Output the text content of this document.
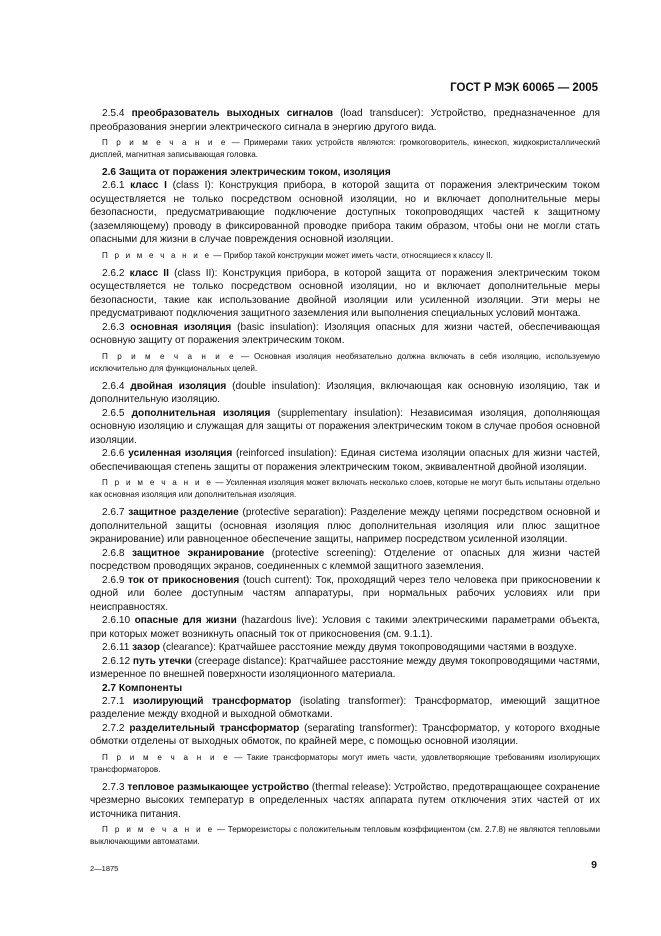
ГОСТ Р МЭК 60065 — 2005
2.5.4 преобразователь выходных сигналов (load transducer): Устройство, предназначенное для преобразования энергии электрического сигнала в энергию другого вида.
П р и м е ч а н и е — Примерами таких устройств являются: громкоговоритель, кинескоп, жидкокристаллический дисплей, магнитная записывающая головка.
2.6 Защита от поражения электрическим током, изоляция
2.6.1 класс I (class I): Конструкция прибора, в которой защита от поражения электрическим током осуществляется не только посредством основной изоляции, но и включает дополнительные меры безопасности, предусматривающие подключение доступных токопроводящих частей к защитному (заземляющему) проводу в фиксированной проводке прибора таким образом, чтобы они не могли стать опасными для жизни в случае повреждения основной изоляции.
П р и м е ч а н и е — Прибор такой конструкции может иметь части, относящиеся к классу II.
2.6.2 класс II (class II): Конструкция прибора, в которой защита от поражения электрическим током осуществляется не только посредством основной изоляции, но и включает дополнительные меры безопасности, такие как использование двойной изоляции или усиленной изоляции. Эти меры не предусматривают подключения защитного заземления или выполнения специальных условий монтажа.
2.6.3 основная изоляция (basic insulation): Изоляция опасных для жизни частей, обеспечивающая основную защиту от поражения электрическим током.
П р и м е ч а н и е — Основная изоляция необязательно должна включать в себя изоляцию, используемую исключительно для функциональных целей.
2.6.4 двойная изоляция (double insulation): Изоляция, включающая как основную изоляцию, так и дополнительную изоляцию.
2.6.5 дополнительная изоляция (supplementary insulation): Независимая изоляция, дополняющая основную изоляцию и служащая для защиты от поражения электрическим током в случае пробоя основной изоляции.
2.6.6 усиленная изоляция (reinforced insulation): Единая система изоляции опасных для жизни частей, обеспечивающая степень защиты от поражения электрическим током, эквивалентной двойной изоляции.
П р и м е ч а н и е — Усиленная изоляция может включать несколько слоев, которые не могут быть испытаны отдельно как основная изоляция или дополнительная изоляция.
2.6.7 защитное разделение (protective separation): Разделение между цепями посредством основной и дополнительной защиты (основная изоляция плюс дополнительная изоляция или плюс защитное экранирование) или равноценное обеспечение защиты, например посредством усиленной изоляции.
2.6.8 защитное экранирование (protective screening): Отделение от опасных для жизни частей посредством проводящих экранов, соединенных с клеммой защитного заземления.
2.6.9 ток от прикосновения (touch current): Ток, проходящий через тело человека при прикосновении к одной или более доступным частям аппаратуры, при нормальных рабочих условиях или при неисправностях.
2.6.10 опасные для жизни (hazardous live): Условия с такими электрическими параметрами объекта, при которых может возникнуть опасный ток от прикосновения (см. 9.1.1).
2.6.11 зазор (clearance): Кратчайшее расстояние между двумя токопроводящими частями в воздухе.
2.6.12 путь утечки (creepage distance): Кратчайшее расстояние между двумя токопроводящими частями, измеренное по внешней поверхности изоляционного материала.
2.7 Компоненты
2.7.1 изолирующий трансформатор (isolating transformer): Трансформатор, имеющий защитное разделение между входной и выходной обмотками.
2.7.2 разделительный трансформатор (separating transformer): Трансформатор, у которого входные обмотки отделены от выходных обмоток, по крайней мере, с помощью основной изоляции.
П р и м е ч а н и е — Такие трансформаторы могут иметь части, удовлетворяющие требованиям изолирующих трансформаторов.
2.7.3 тепловое размыкающее устройство (thermal release): Устройство, предотвращающее сохранение чрезмерно высоких температур в определенных частях аппарата путем отключения этих частей от их источника питания.
П р и м е ч а н и е — Терморезисторы с положительным тепловым коэффициентом (см. 2.7.8) не являются тепловыми выключающими автоматами.
2—1875	9
